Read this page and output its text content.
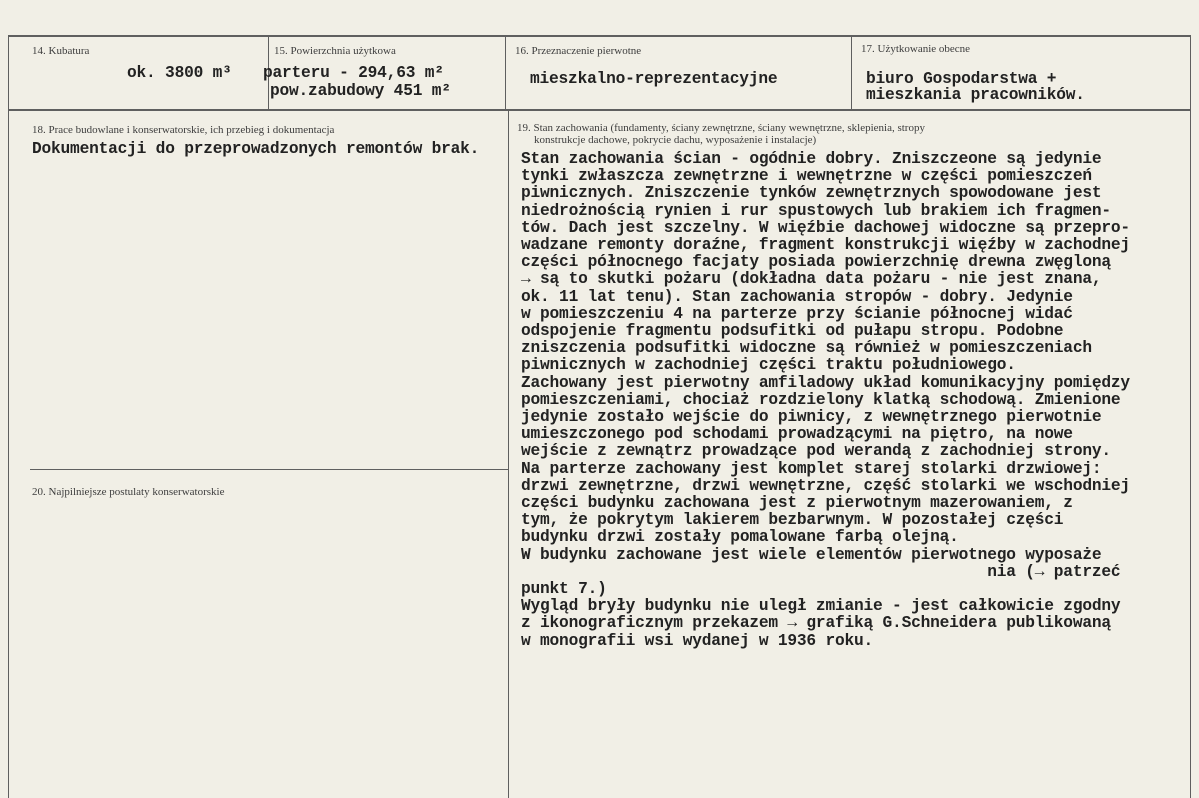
14. Kubatura
ok. 3800 m³
15. Powierzchnia użytkowa
parteru - 294,63 m²
pow.zabudowy 451 m²
16. Przeznaczenie pierwotne
mieszkalno-reprezentacyjne
17. Użytkowanie obecne
biuro Gospodarstwa +
mieszkania pracowników.
18. Prace budowlane i konserwatorskie, ich przebieg i dokumentacja
Dokumentacji do przeprowadzonych remontów brak.
19. Stan zachowania (fundamenty, ściany zewnętrzne, ściany wewnętrzne, sklepienia, stropy
konstrukcje dachowe, pokrycie dachu, wyposażenie i instalacje)
Stan zachowania ścian - ogódnie dobry. Zniszczeone są jedynie
tynki zwłaszcza zewnętrzne i wewnętrzne w części pomieszczeń
piwnicznych. Zniszczenie tynków zewnętrznych spowodowane jest
niedrożnością rynien i rur spustowych lub brakiem ich fragmen-
tów. Dach jest szczelny. W więźbie dachowej widoczne są przepro-
wadzane remonty doraźne, fragment konstrukcji więźby w zachodnej
części północnego facjaty posiada powierzchnię drewna zwęgloną
→ są to skutki pożaru (dokładna data pożaru - nie jest znana,
ok. 11 lat tenu). Stan zachowania stropów - dobry. Jedynie
w pomieszczeniu 4 na parterze przy ścianie północnej widać
odspojenie fragmentu podsufitki od pułapu stropu. Podobne
zniszczenia podsufitki widoczne są również w pomieszczeniach
piwnicznych w zachodniej części traktu południowego.
Zachowany jest pierwotny amfiladowy układ komunikacyjny pomiędzy
pomieszczeniami, chociaż rozdzielony klatką schodową. Zmienione
jedynie zostało wejście do piwnicy, z wewnętrznego pierwotnie
umieszczonego pod schodami prowadzącymi na piętro, na nowe
wejście z zewnątrz prowadzące pod werandą z zachodniej strony.
Na parterze zachowany jest komplet starej stolarki drzwiowej:
drzwi zewnętrzne, drzwi wewnętrzne, część stolarki we wschodniej
części budynku zachowana jest z pierwotnym mazerowaniem, z
tym, że pokrytym lakierem bezbarwnym. W pozostałej części
budynku drzwi zostały pomalowane farbą olejną.
W budynku zachowane jest wiele elementów pierwotnego wyposaże
nia (→ patrzeć
punkt 7.)
Wygląd bryły budynku nie uległ zmianie - jest całkowicie zgodny
z ikonograficznym przekazem → grafiką G.Schneidera publikowaną
w monografii wsi wydanej w 1936 roku.
20. Najpilniejsze postulaty konserwatorskie
